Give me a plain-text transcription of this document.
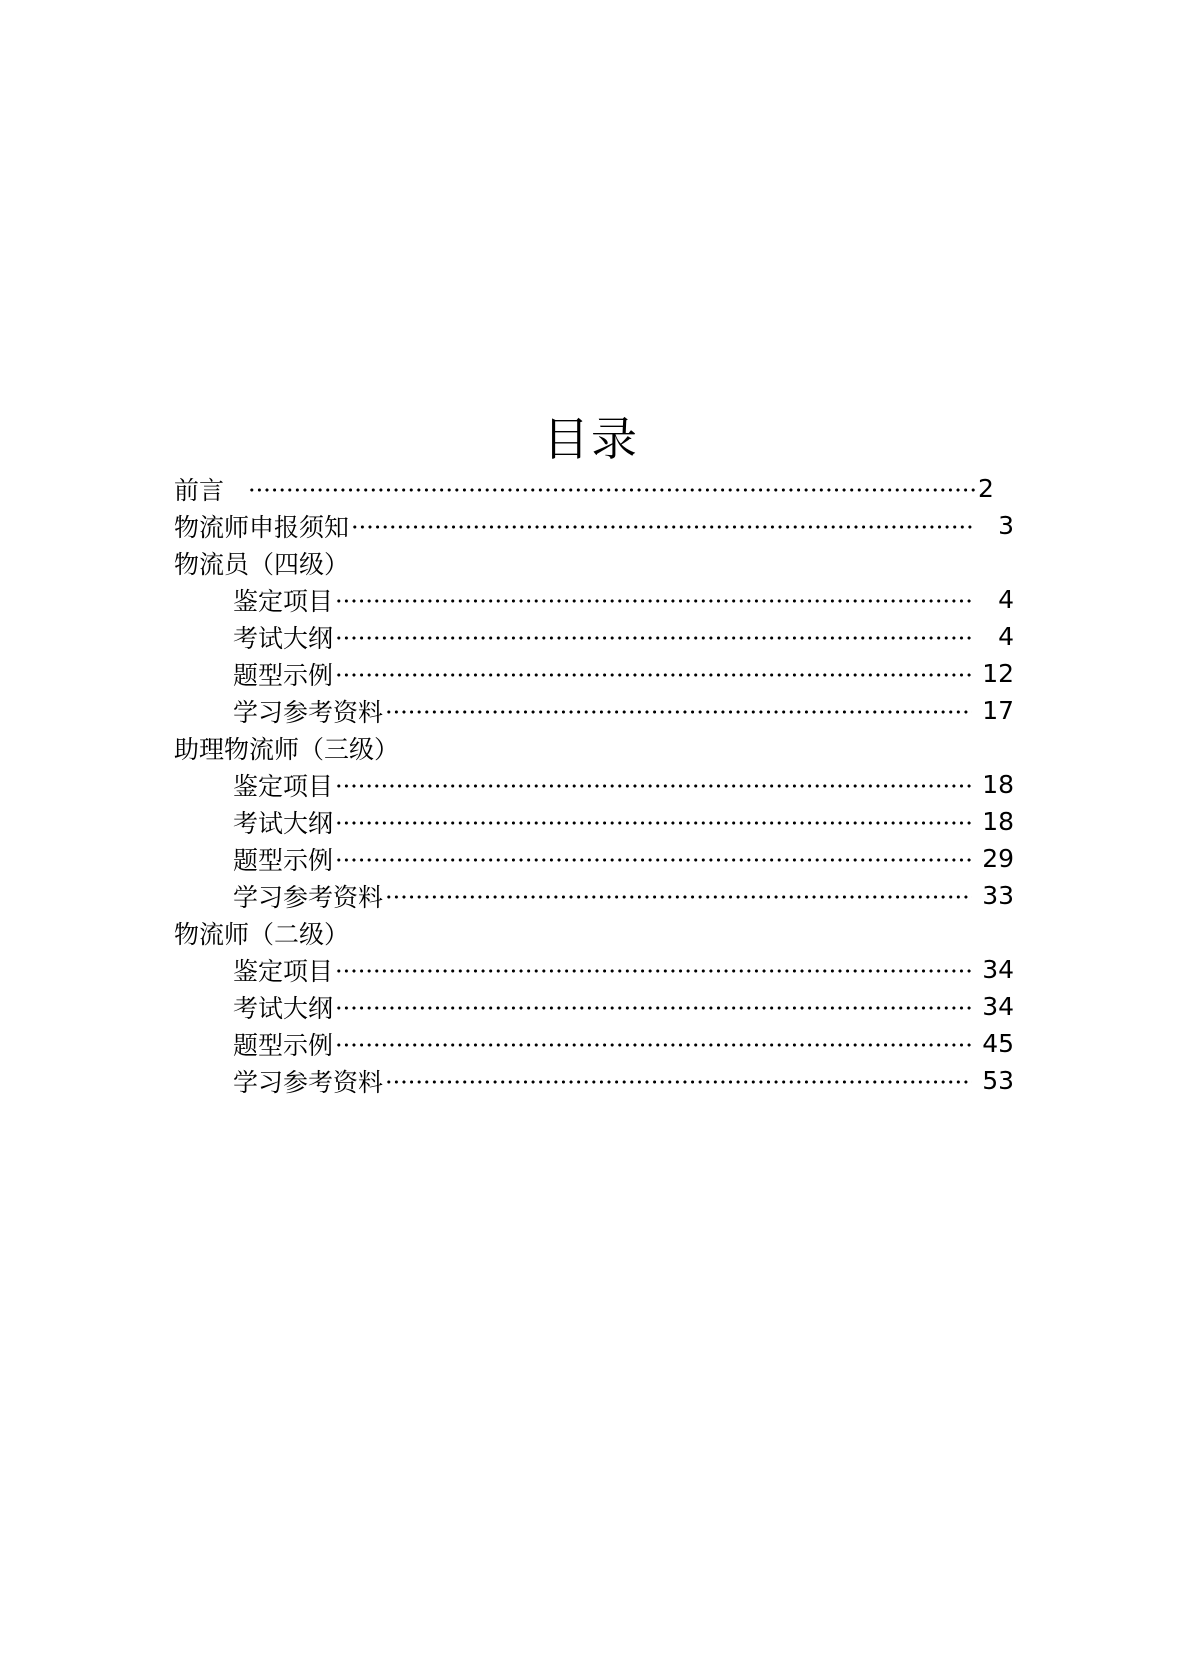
目录
前言	2
物流师申报须知	3
物流员（四级）
鉴定项目	4
考试大纲	4
题型示例	12
学习参考资料	17
助理物流师（三级）
鉴定项目	18
考试大纲	18
题型示例	29
学习参考资料	33
物流师（二级）
鉴定项目	34
考试大纲	34
题型示例	45
学习参考资料	53
